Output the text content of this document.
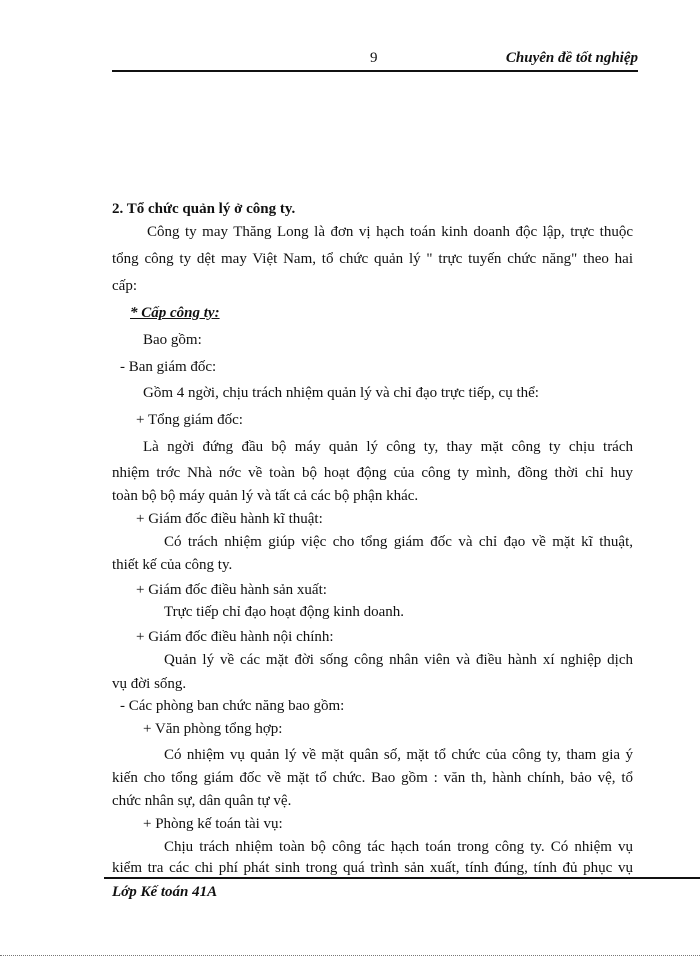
9	Chuyên đề tốt nghiệp
2. Tổ chức quản lý ở công ty.
Công ty may Thăng Long là đơn vị hạch toán kinh doanh độc lập, trực thuộc
tổng công ty dệt may Việt Nam, tổ chức quản lý " trực tuyến chức năng" theo hai
cấp:
* Cấp công ty:
Bao gồm:
- Ban giám đốc:
Gồm 4 ngời, chịu trách nhiệm quản lý và chỉ đạo trực tiếp, cụ thể:
+ Tổng giám đốc:
Là ngời đứng đầu bộ máy quản lý công ty, thay mặt công ty chịu trách
nhiệm trớc Nhà nớc về toàn bộ hoạt động của công ty mình, đồng thời chỉ huy
toàn bộ bộ máy quản lý và tất cả các bộ phận khác.
+ Giám đốc điều hành kĩ thuật:
Có trách nhiệm giúp việc cho tổng giám đốc và chỉ đạo về mặt kĩ thuật,
thiết kế của công ty.
+ Giám đốc điều hành sản xuất:
Trực tiếp chỉ đạo hoạt động kinh doanh.
+ Giám đốc điều hành nội chính:
Quản lý về các mặt đời sống công nhân viên và điều hành xí nghiệp dịch
vụ đời sống.
- Các phòng ban chức năng bao gồm:
+ Văn phòng tổng hợp:
Có nhiệm vụ quản lý về mặt quân số, mặt tổ chức của công ty, tham gia ý
kiến cho tổng giám đốc về mặt tổ chức. Bao gồm : văn th, hành chính, bảo vệ, tổ
chức nhân sự, dân quân tự vệ.
+ Phòng kế toán tài vụ:
Chịu trách nhiệm toàn bộ công tác hạch toán trong công ty. Có nhiệm vụ
kiểm tra các chi phí phát sinh trong quá trình sản xuất, tính đúng, tính đủ phục vụ
Lớp Kế toán 41A
